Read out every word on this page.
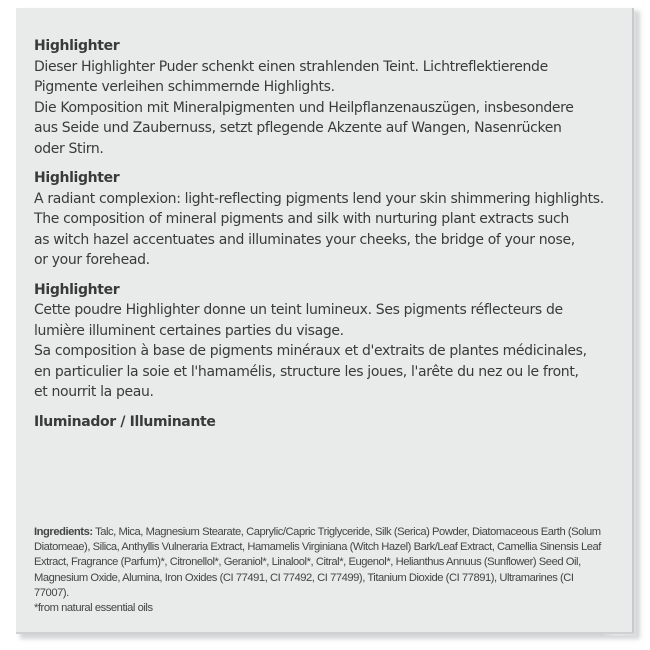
Highlighter
Dieser Highlighter Puder schenkt einen strahlenden Teint. Lichtreflektierende
Pigmente verleihen schimmernde Highlights.
Die Komposition mit Mineralpigmenten und Heilpflanzenauszügen, insbesondere
aus Seide und Zaubernuss, setzt pflegende Akzente auf Wangen, Nasenrücken
oder Stirn.

Highlighter
A radiant complexion: light-reflecting pigments lend your skin shimmering highlights.
The composition of mineral pigments and silk with nurturing plant extracts such
as witch hazel accentuates and illuminates your cheeks, the bridge of your nose,
or your forehead.

Highlighter
Cette poudre Highlighter donne un teint lumineux. Ses pigments réflecteurs de
lumière illuminent certaines parties du visage.
Sa composition à base de pigments minéraux et d'extraits de plantes médicinales,
en particulier la soie et l'hamamélis, structure les joues, l'arête du nez ou le front,
et nourrit la peau.

Iluminador / Illuminante
Ingredients: Talc, Mica, Magnesium Stearate, Caprylic/Capric Triglyceride, Silk (Serica) Powder, Diatomaceous Earth (Solum Diatomeae), Silica, Anthyllis Vulneraria Extract, Hamamelis Virginiana (Witch Hazel) Bark/Leaf Extract, Camellia Sinensis Leaf Extract, Fragrance (Parfum)*, Citronellol*, Geraniol*, Linalool*, Citral*, Eugenol*, Helianthus Annuus (Sunflower) Seed Oil, Magnesium Oxide, Alumina, Iron Oxides (CI 77491, CI 77492, CI 77499), Titanium Dioxide (CI 77891), Ultramarines (CI 77007).
*from natural essential oils
